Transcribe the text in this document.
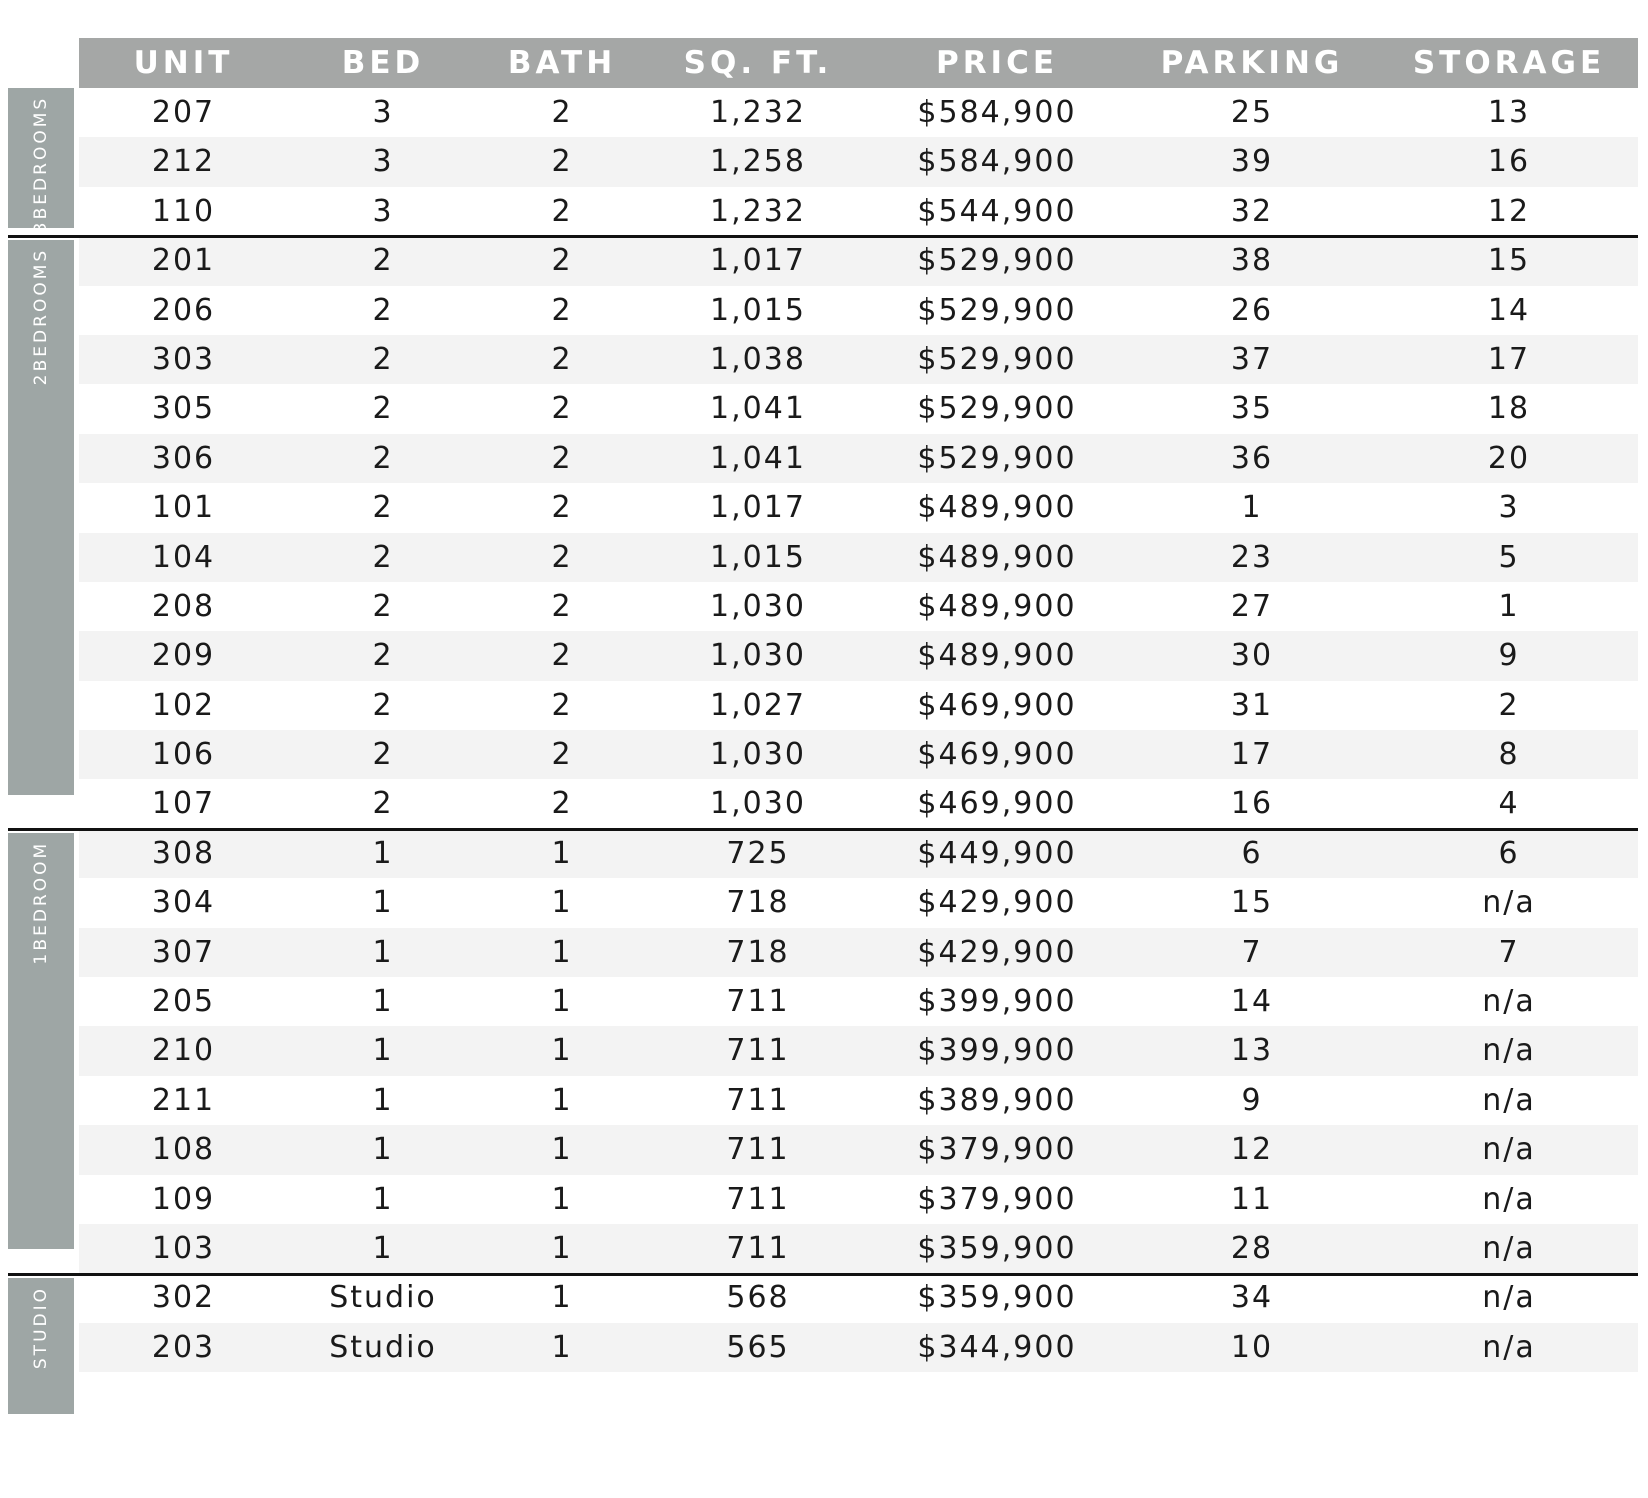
UNIT	BED	BATH	SQ. FT.	PRICE	PARKING	STORAGE
207	3	2	1,232	$584,900	25	13
212	3	2	1,258	$584,900	39	16
110	3	2	1,232	$544,900	32	12
201	2	2	1,017	$529,900	38	15
206	2	2	1,015	$529,900	26	14
303	2	2	1,038	$529,900	37	17
305	2	2	1,041	$529,900	35	18
306	2	2	1,041	$529,900	36	20
101	2	2	1,017	$489,900	1	3
104	2	2	1,015	$489,900	23	5
208	2	2	1,030	$489,900	27	1
209	2	2	1,030	$489,900	30	9
102	2	2	1,027	$469,900	31	2
106	2	2	1,030	$469,900	17	8
107	2	2	1,030	$469,900	16	4
308	1	1	725	$449,900	6	6
304	1	1	718	$429,900	15	n/a
307	1	1	718	$429,900	7	7
205	1	1	711	$399,900	14	n/a
210	1	1	711	$399,900	13	n/a
211	1	1	711	$389,900	9	n/a
108	1	1	711	$379,900	12	n/a
109	1	1	711	$379,900	11	n/a
103	1	1	711	$359,900	28	n/a
302	Studio	1	568	$359,900	34	n/a
203	Studio	1	565	$344,900	10	n/a
3
BEDROOMS
2
BEDROOMS
1
BEDROOM
STUDIO
